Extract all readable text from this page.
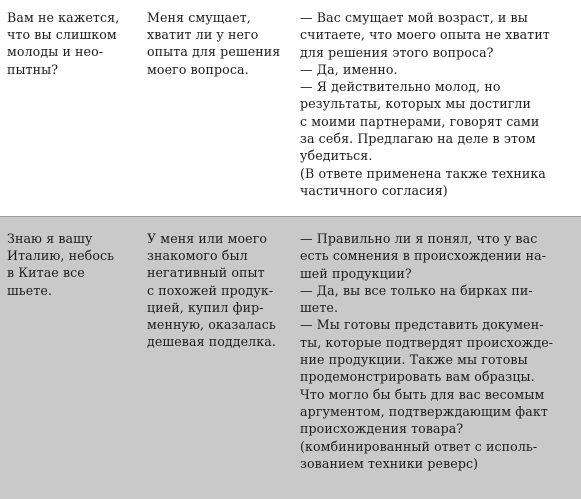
Вам не кажется,
что вы слишком
молоды и нео-
пытны?
Меня смущает,
хватит ли у него
опыта для решения
моего вопроса.
— Вас смущает мой возраст, и вы
считаете, что моего опыта не хватит
для решения этого вопроса?
— Да, именно.
— Я действительно молод, но
результаты, которых мы достигли
с моими партнерами, говорят сами
за себя. Предлагаю на деле в этом
убедиться.
(В ответе применена также техника
частичного согласия)
Знаю я вашу
Италию, небось
в Китае все
шьете.
У меня или моего
знакомого был
негативный опыт
с похожей продук-
цией, купил фир-
менную, оказалась
дешевая подделка.
— Правильно ли я понял, что у вас
есть сомнения в происхождении на-
шей продукции?
— Да, вы все только на бирках пи-
шете.
— Мы готовы представить докумен-
ты, которые подтвердят происхожде-
ние продукции. Также мы готовы
продемонстрировать вам образцы.
Что могло бы быть для вас весомым
аргументом, подтверждающим факт
происхождения товара?
(комбинированный ответ с исполь-
зованием техники реверс)
